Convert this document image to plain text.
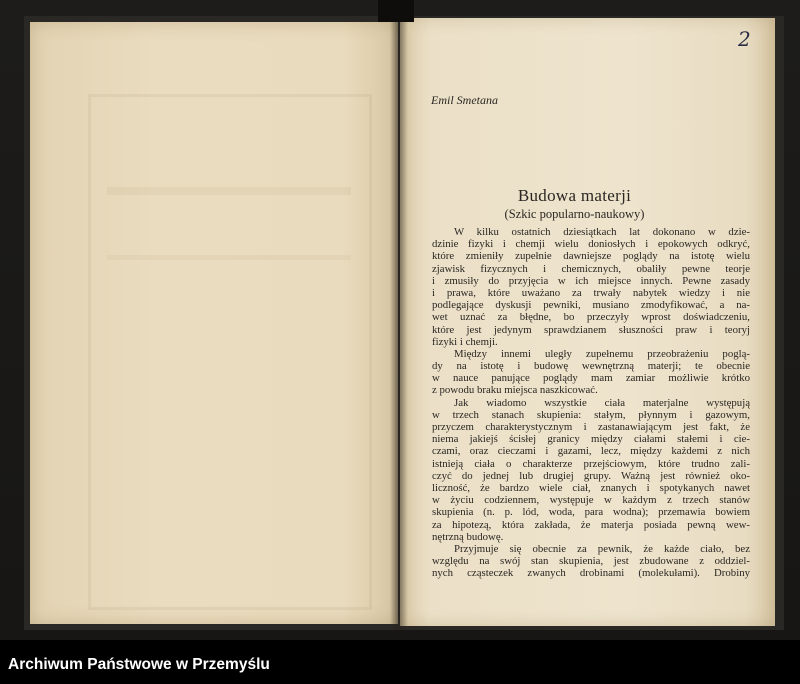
2
Emil Smetana
Budowa materji
(Szkic popularno-naukowy)
W kilku ostatnich dziesiątkach lat dokonano w dzie-
dzinie fizyki i chemji wielu doniosłych i epokowych odkryć,
które zmieniły zupełnie dawniejsze poglądy na istotę wielu
zjawisk fizycznych i chemicznych, obaliły pewne teorje
i zmusiły do przyjęcia w ich miejsce innych. Pewne zasady
i prawa, które uważano za trwały nabytek wiedzy i nie
podlegające dyskusji pewniki, musiano zmodyfikować, a na-
wet uznać za błędne, bo przeczyły wprost doświadczeniu,
które jest jedynym sprawdzianem słuszności praw i teoryj
fizyki i chemji.
Między innemi uległy zupełnemu przeobrażeniu poglą-
dy na istotę i budowę wewnętrzną materji; te obecnie
w nauce panujące poglądy mam zamiar możliwie krótko
z powodu braku miejsca naszkicować.
Jak wiadomo wszystkie ciała materjalne występują
w trzech stanach skupienia: stałym, płynnym i gazowym,
przyczem charakterystycznym i zastanawiającym jest fakt, że
niema jakiejś ścisłej granicy między ciałami stałemi i cie-
czami, oraz cieczami i gazami, lecz, między każdemi z nich
istnieją ciała o charakterze przejściowym, które trudno zali-
czyć do jednej lub drugiej grupy. Ważną jest również oko-
liczność, że bardzo wiele ciał, znanych i spotykanych nawet
w życiu codziennem, występuje w każdym z trzech stanów
skupienia (n. p. lód, woda, para wodna); przemawia bowiem
za hipotezą, która zakłada, że materja posiada pewną wew-
nętrzną budowę.
Przyjmuje się obecnie za pewnik, że każde ciało, bez
względu na swój stan skupienia, jest zbudowane z oddziel-
nych cząsteczek zwanych drobinami (molekułami). Drobiny
Archiwum Państwowe w Przemyślu
